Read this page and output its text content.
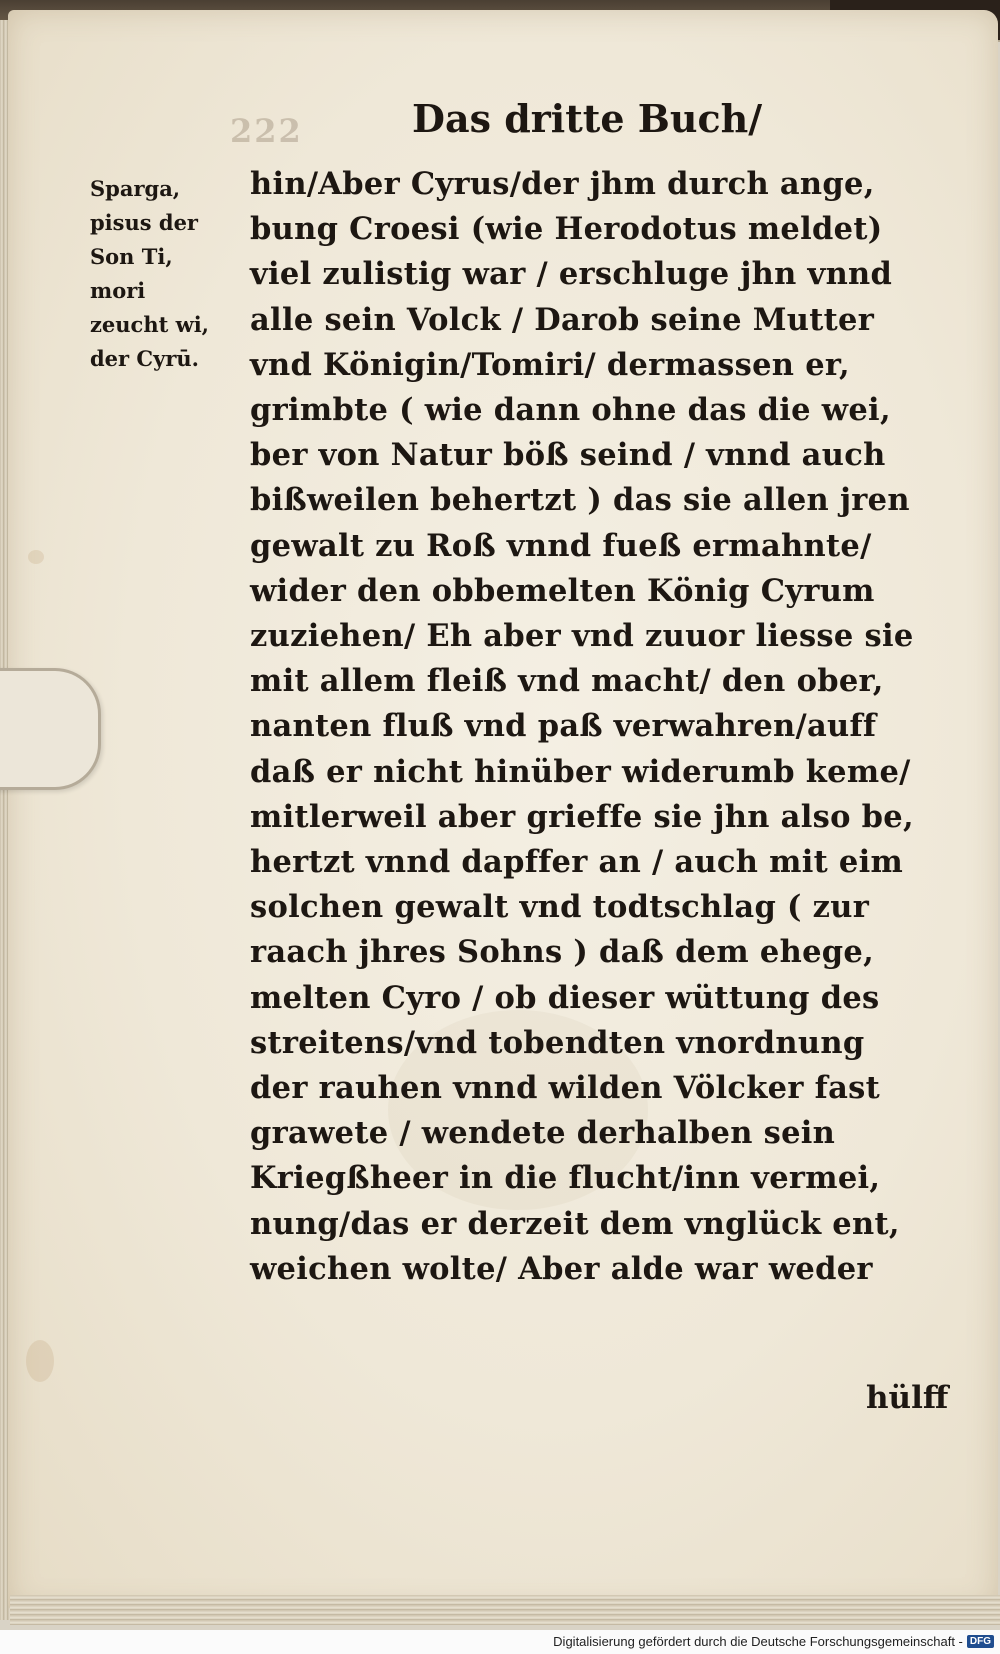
222	Das dritte Buch/
Sparga,
pisus der
Son Ti,
mori
zeucht wi,
der Cyrū.
hin/Aber Cyrus/der jhm durch ange,
bung Croesi (wie Herodotus meldet)
viel zulistig war / erschluge jhn vnnd
alle sein Volck / Darob seine Mutter
vnd Königin/Tomiri/ dermassen er,
grimbte ( wie dann ohne das die wei,
ber von Natur böß seind / vnnd auch
bißweilen behertzt ) das sie allen jren
gewalt zu Roß vnnd fueß ermahnte/
wider den obbemelten König Cyrum
zuziehen/ Eh aber vnd zuuor liesse sie
mit allem fleiß vnd macht/ den ober,
nanten fluß vnd paß verwahren/auff
daß er nicht hinüber widerumb keme/
mitlerweil aber grieffe sie jhn also be,
hertzt vnnd dapffer an / auch mit eim
solchen gewalt vnd todtschlag ( zur
raach jhres Sohns ) daß dem ehege,
melten Cyro / ob dieser wüttung des
streitens/vnd tobendten vnordnung
der rauhen vnnd wilden Völcker fast
grawete / wendete derhalben sein
Kriegßheer in die flucht/inn vermei,
nung/das er derzeit dem vnglück ent,
weichen wolte/ Aber alde war weder
hülff
Digitalisierung gefördert durch die Deutsche Forschungsgemeinschaft - DFG
